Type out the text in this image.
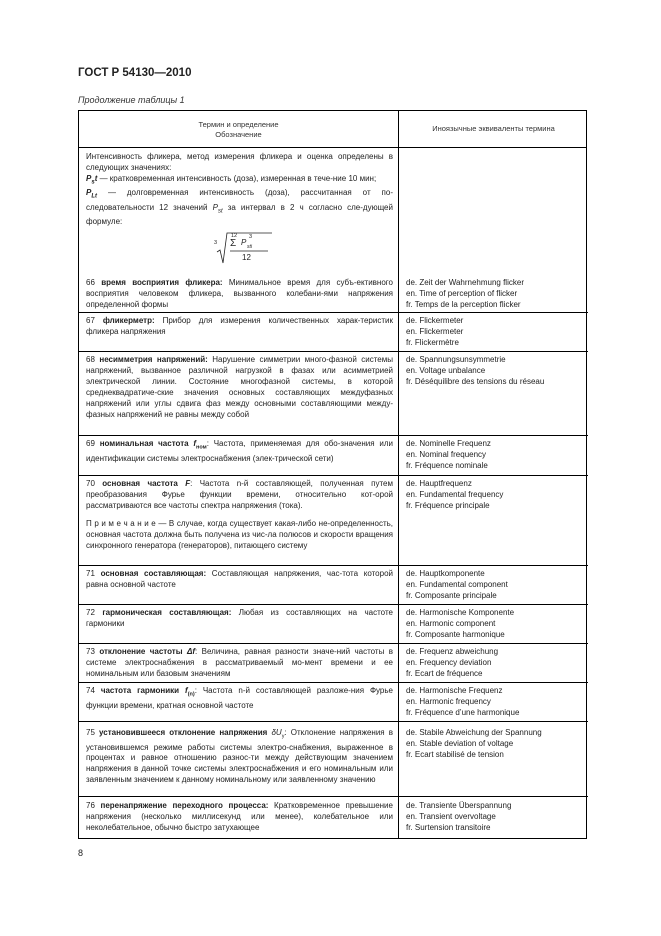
ГОСТ Р 54130—2010
Продолжение таблицы 1
Термин и определение
Обозначение
Иноязычные эквиваленты термина
Интенсивность фликера, метод измерения фликера и оценка определены в следующих значениях:
$P_st$ — кратковременная интенсивность (доза), измеренная в тече-ние 10 мин;
$P_{Lt}$ — долговременная интенсивность (доза), рассчитанная от по-следовательности 12 значений $P_{st}$ за интервал в 2 ч согласно сле-дующей формуле:
3
12
Σ P sti
3
12
66 время восприятия фликера: Минимальное время для субъ-ективного восприятия человеком фликера, вызванного колебани-ями напряжения определенной формы
de. Zeit der Wahrnehmung flicker
en. Time of perception of flicker
fr. Temps de la perception flicker
67 фликерметр: Прибор для измерения количественных харак-теристик фликера напряжения
de. Flickermeter
en. Flickermeter
fr. Flickermètre
68 несимметрия напряжений: Нарушение симметрии много-фазной системы напряжений, вызванное различной нагрузкой в фазах или асимметрией электрической линии. Состояние многофазной системы, в которой среднеквадратиче-ские значения основных составляющих междуфазных напряжений или углы сдвига фаз между основными составляющими междy-фазных напряжений не равны между собой
de. Spannungsunsymmetrie
en. Voltage unbalance
fr. Déséquilibre des tensions du réseau
69 номинальная частота $f_{ном}$: Частота, применяемая для обо-значения или идентификации системы электроснабжения (элек-трической сети)
de. Nominelle Frequenz
en. Nominal frequency
fr. Fréquence nominale
70 основная частота F: Частота n-й составляющей, полученная путем преобразования Фурье функции времени, относительно кот-орой рассматриваются все частоты спектра напряжения (тока).
П р и м е ч а н и е — В случае, когда существует какая-либо не-определенность, основная частота должна быть получена из чис-ла полюсов и скорости вращения синхронного генератора (генераторов), питающего систему
de. Hauptfrequenz
en. Fundamental frequency
fr. Fréquence principale
71 основная составляющая: Составляющая напряжения, час-тота которой равна основной частоте
de. Hauptkomponente
en. Fundamental component
fr. Composante principale
72 гармоническая составляющая: Любая из составляющих на частоте гармоники
de. Harmonische Komponente
en. Harmonic component
fr. Composante harmonique
73 отклонение частоты Δf: Величина, равная разности значе-ний частоты в системе электроснабжения в рассматриваемый мо-мент времени и ее номинальным или базовым значениям
de. Frequenz abweichung
en. Frequency deviation
fr. Ecart de fréquence
74 частота гармоники $f_{(n)}$: Частота n-й составляющей разложе-ния Фурье функции времени, кратная основной частоте
de. Harmonische Frequenz
en. Harmonic frequency
fr. Fréquence d’une harmonique
75 установившееся отклонение напряжения $\delta U_у$: Отклонение напряжения в установившемся режиме работы системы электро-снабжения, выраженное в процентах и равное отношению разнос-ти между действующим значением напряжения в данной точке системы электроснабжения и его номинальным или заявленным значением к данному номинальному или заявленному значению
de. Stabile Abweichung der Spannung
en. Stable deviation of voltage
fr. Ecart stabilisé de tension
76 перенапряжение переходного процесса: Кратковременное превышение напряжения (несколько миллисекунд или менее), колебательное или неколебательное, обычно быстро затухающее
de. Transiente Überspannung
en. Transient overvoltage
fr. Surtension transitoire
8
